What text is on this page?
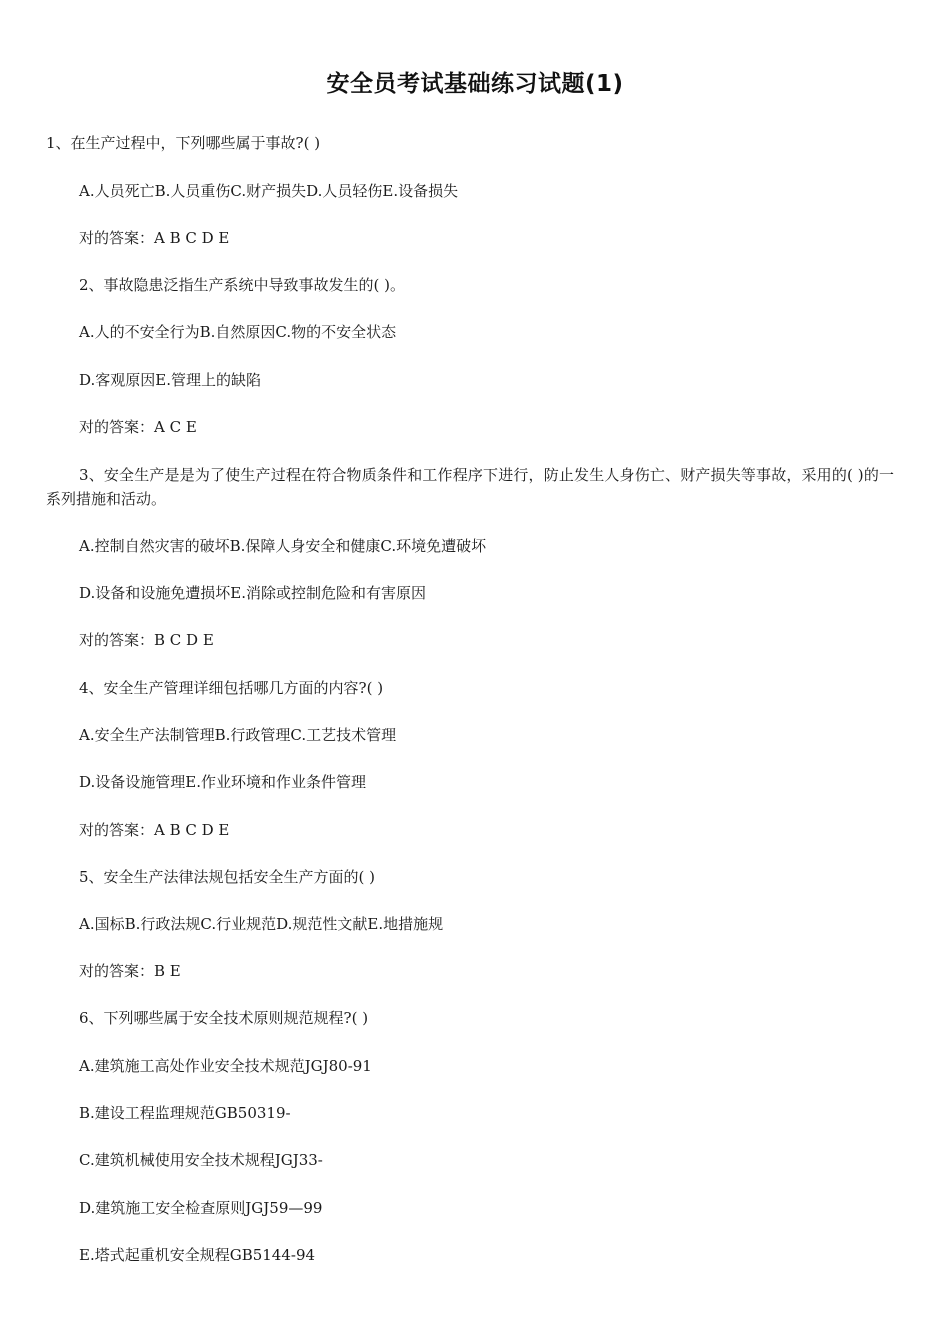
安全员考试基础练习试题(1)
1、在生产过程中，下列哪些属于事故?( )
A.人员死亡B.人员重伤C.财产损失D.人员轻伤E.设备损失
对的答案：A B C D E
2、事故隐患泛指生产系统中导致事故发生的( )。
A.人的不安全行为B.自然原因C.物的不安全状态
D.客观原因E.管理上的缺陷
对的答案：A C E
3、安全生产是是为了使生产过程在符合物质条件和工作程序下进行，防止发生人身伤亡、财产损失等事故，采用的( )的一系列措施和活动。
A.控制自然灾害的破坏B.保障人身安全和健康C.环境免遭破坏
D.设备和设施免遭损坏E.消除或控制危险和有害原因
对的答案：B C D E
4、安全生产管理详细包括哪几方面的内容?( )
A.安全生产法制管理B.行政管理C.工艺技术管理
D.设备设施管理E.作业环境和作业条件管理
对的答案：A B C D E
5、安全生产法律法规包括安全生产方面的( )
A.国标B.行政法规C.行业规范D.规范性文献E.地措施规
对的答案：B E
6、下列哪些属于安全技术原则规范规程?( )
A.建筑施工高处作业安全技术规范JGJ80-91
B.建设工程监理规范GB50319-
C.建筑机械使用安全技术规程JGJ33-
D.建筑施工安全检查原则JGJ59—99
E.塔式起重机安全规程GB5144-94
